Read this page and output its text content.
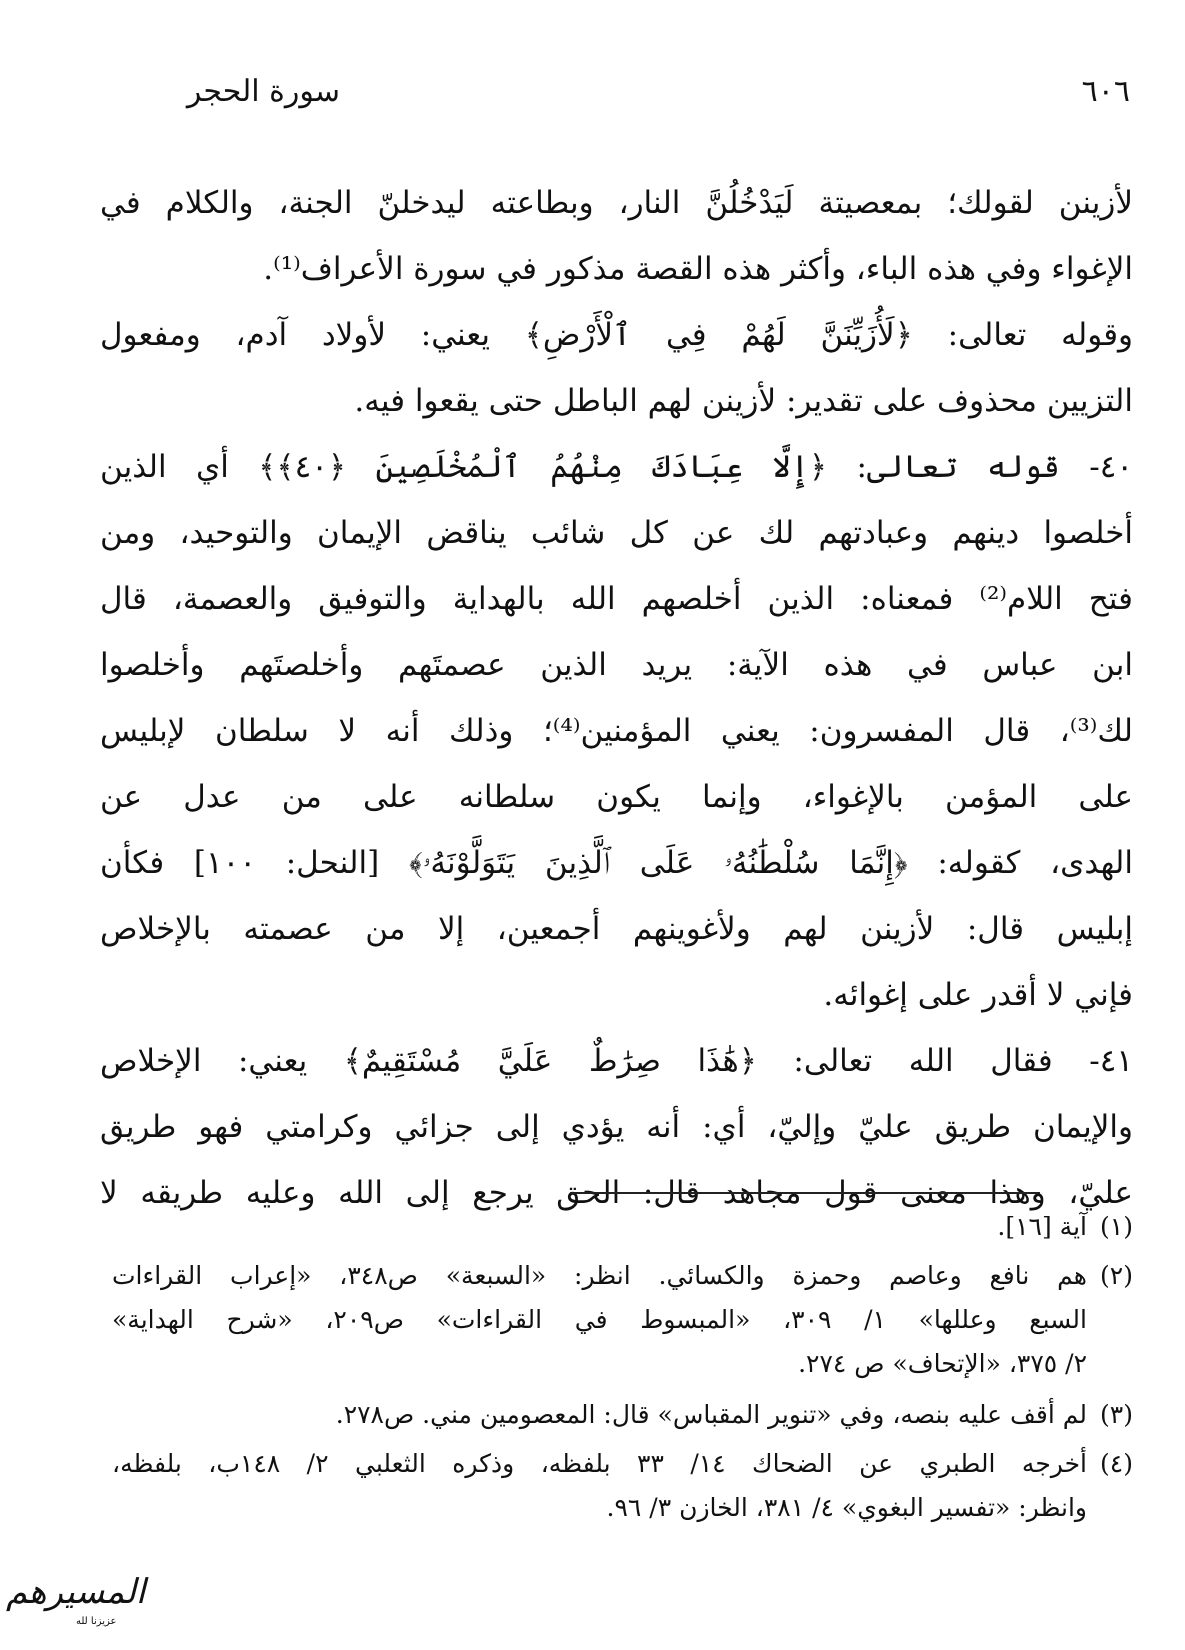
سورة الحجر	٦٠٦
لأزينن لقولك؛ بمعصيتة لَيَدْخُلُنَّ النار، وبطاعته ليدخلنّ الجنة، والكلام في
الإغواء وفي هذه الباء، وأكثر هذه القصة مذكور في سورة الأعراف⁽¹⁾.
وقوله تعالى: ﴿لَأُزَيِّنَنَّ لَهُمْ فِي ٱلْأَرْضِ﴾ يعني: لأولاد آدم، ومفعول
التزيين محذوف على تقدير: لأزينن لهم الباطل حتى يقعوا فيه.
٤٠- قوله تعالى: ﴿إِلَّا عِبَادَكَ مِنْهُمُ ٱلْمُخْلَصِينَ ﴿٤٠﴾﴾ أي الذين
أخلصوا دينهم وعبادتهم لك عن كل شائب يناقض الإيمان والتوحيد، ومن
فتح اللام⁽²⁾ فمعناه: الذين أخلصهم الله بالهداية والتوفيق والعصمة، قال
ابن عباس في هذه الآية: يريد الذين عصمتَهم وأخلصتَهم وأخلصوا
لك⁽³⁾، قال المفسرون: يعني المؤمنين⁽⁴⁾؛ وذلك أنه لا سلطان لإبليس
على المؤمن بالإغواء، وإنما يكون سلطانه على من عدل عن
الهدى، كقوله: ﴿إِنَّمَا سُلْطَٰنُهُۥ عَلَى ٱلَّذِينَ يَتَوَلَّوْنَهُۥ﴾ [النحل: ١٠٠] فكأن
إبليس قال: لأزينن لهم ولأغوينهم أجمعين، إلا من عصمته بالإخلاص
فإني لا أقدر على إغوائه.
٤١- فقال الله تعالى: ﴿هَٰذَا صِرَٰطٌ عَلَيَّ مُسْتَقِيمٌ﴾ يعني: الإخلاص
والإيمان طريق عليّ وإليّ، أي: أنه يؤدي إلى جزائي وكرامتي فهو طريق
عليّ، وهذا معنى قول مجاهد قال: الحق يرجع إلى الله وعليه طريقه لا
(١)آية [١٦].
(٢)هم نافع وعاصم وحمزة والكسائي. انظر: «السبعة» ص٣٤٨، «إعراب القراءات
السبع وعللها» ١/ ٣٠٩، «المبسوط في القراءات» ص٢٠٩، «شرح الهداية»
٢/ ٣٧٥، «الإتحاف» ص ٢٧٤.
(٣)لم أقف عليه بنصه، وفي «تنوير المقباس» قال: المعصومين مني. ص٢٧٨.
(٤)أخرجه الطبري عن الضحاك ١٤/ ٣٣ بلفظه، وذكره الثعلبي ٢/ ١٤٨ب، بلفظه،
وانظر: «تفسير البغوي» ٤/ ٣٨١، الخازن ٣/ ٩٦.
المسيرهم
عزيزنا لله
